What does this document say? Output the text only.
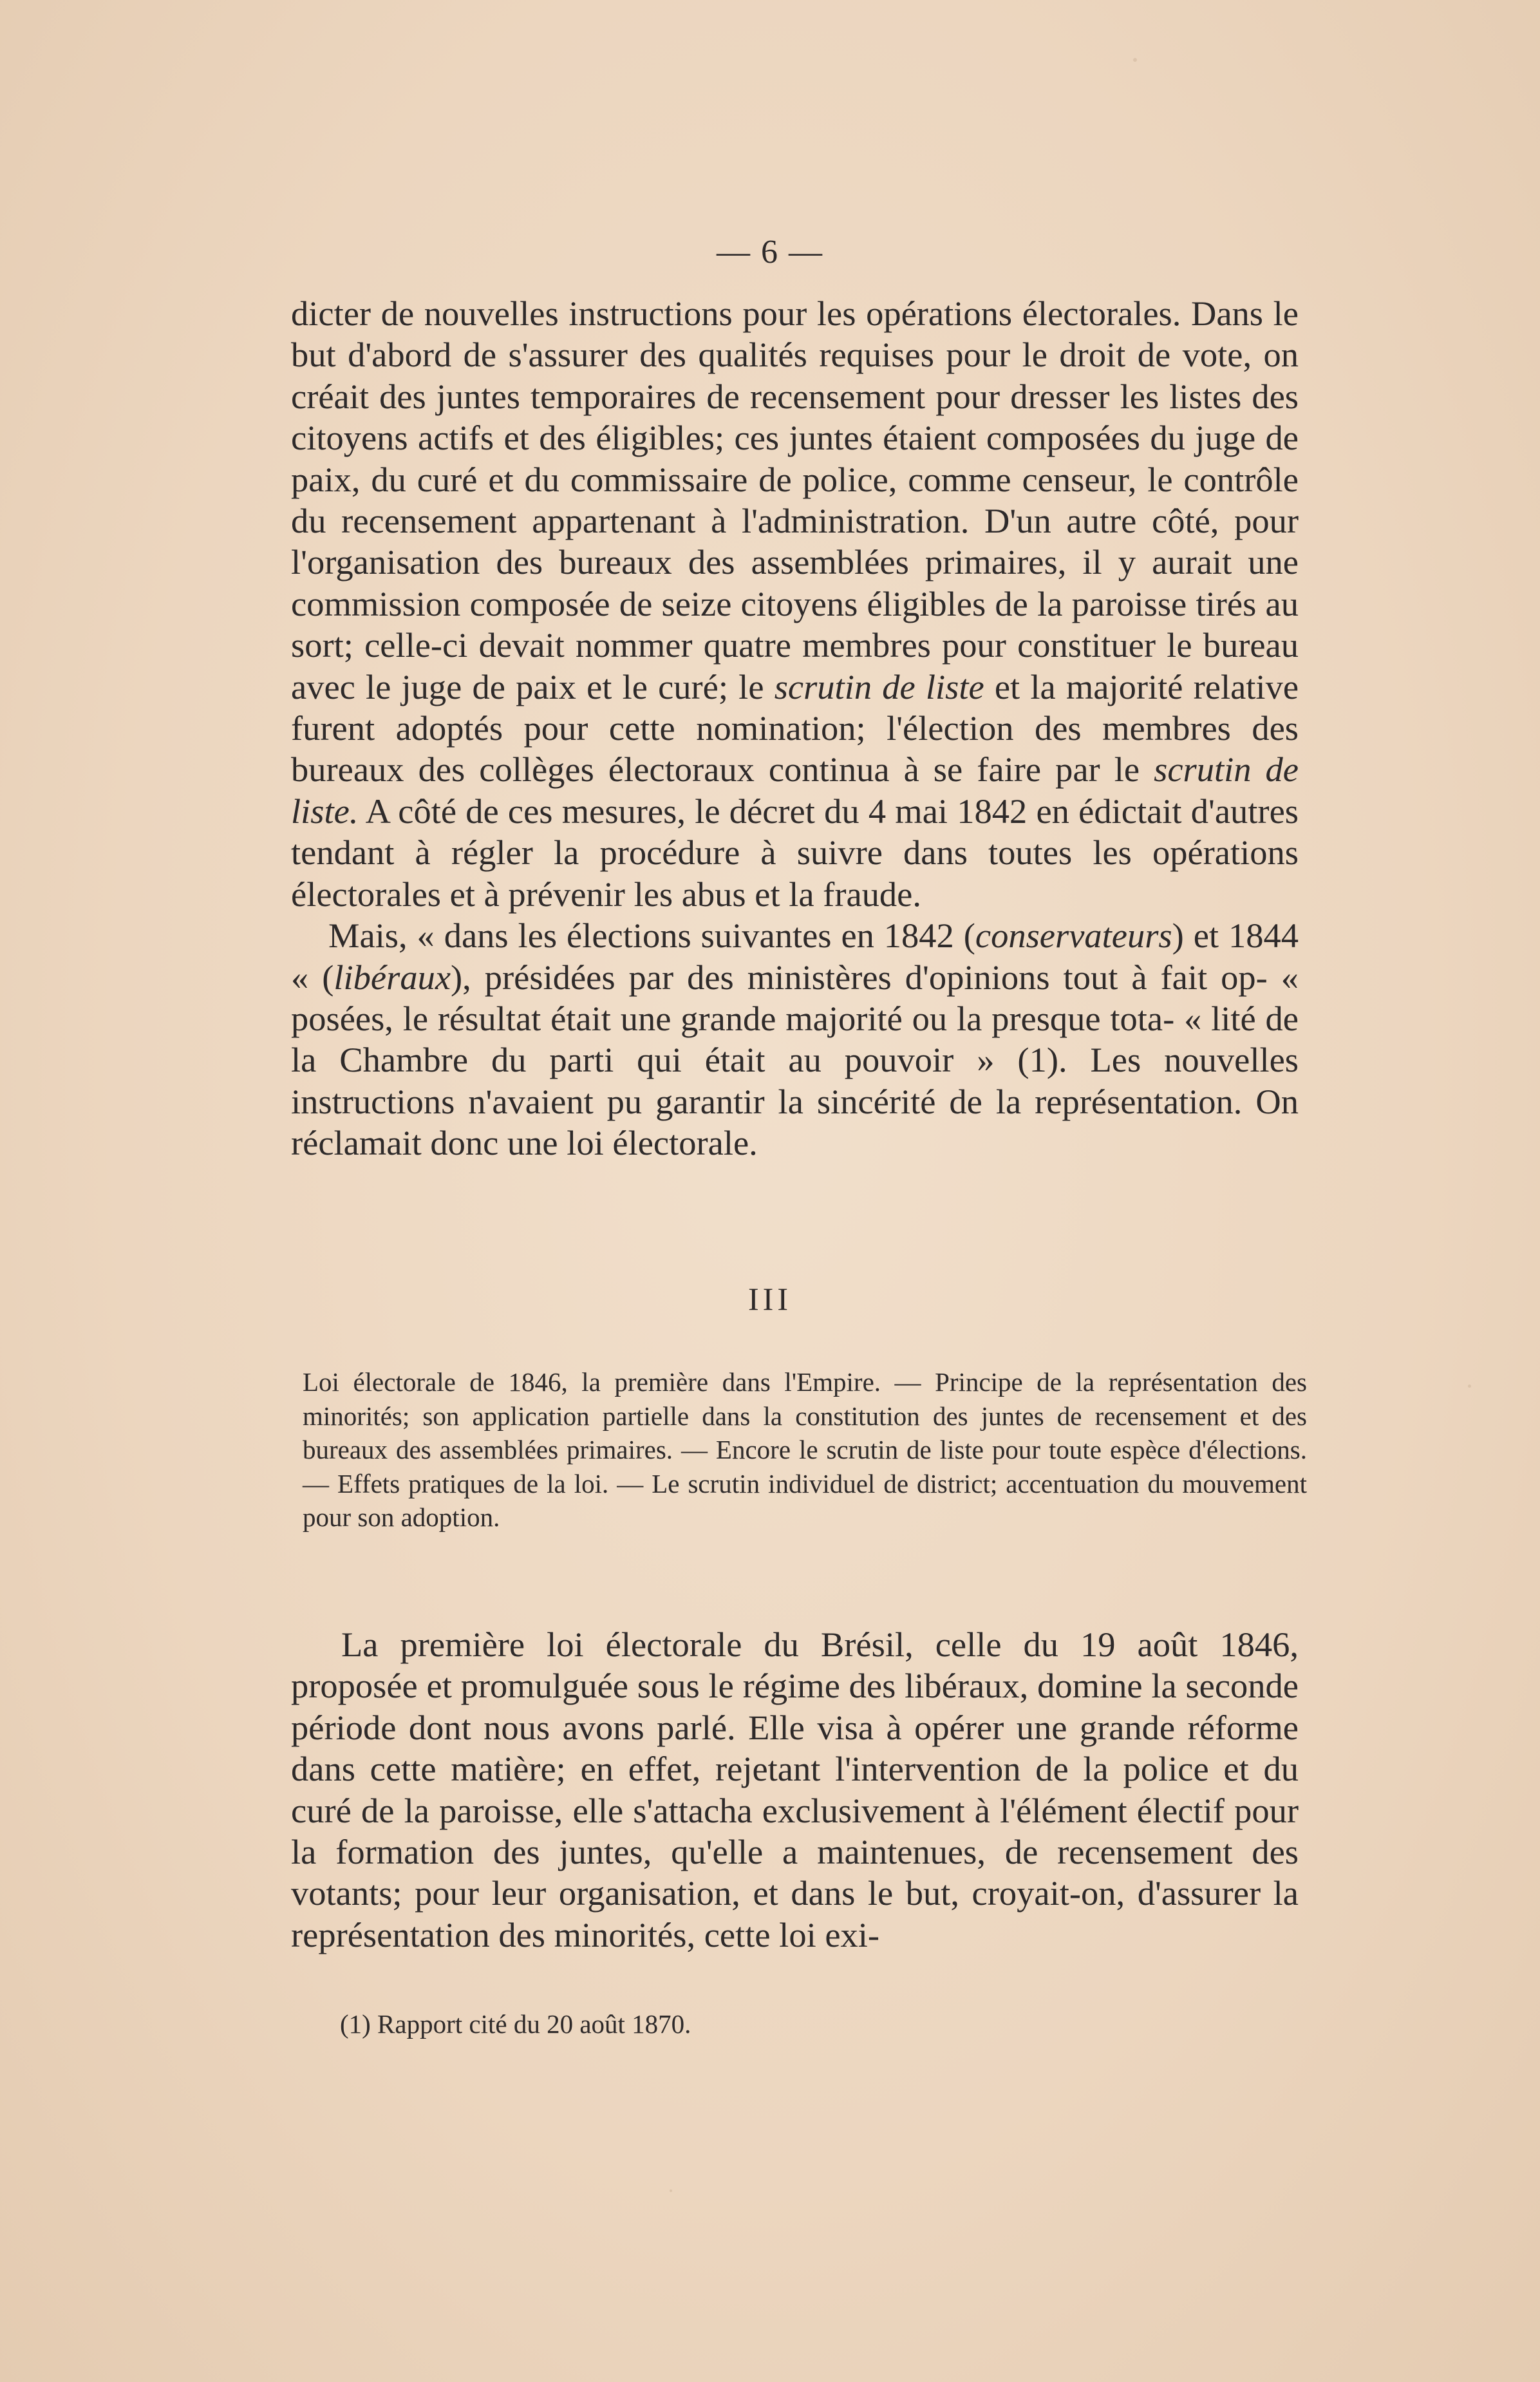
— 6 —

dicter de nouvelles instructions pour les opérations électorales. Dans le but d'abord de s'assurer des qualités requises pour le droit de vote, on créait des juntes temporaires de recensement pour dresser les listes des citoyens actifs et des éligibles; ces juntes étaient composées du juge de paix, du curé et du commissaire de police, comme censeur, le contrôle du recensement appartenant à l'administration. D'un autre côté, pour l'organisation des bureaux des assemblées primaires, il y aurait une commission composée de seize citoyens éligibles de la paroisse tirés au sort; celle-ci devait nommer quatre membres pour constituer le bureau avec le juge de paix et le curé; le scrutin de liste et la majorité relative furent adoptés pour cette nomination; l'élection des membres des bureaux des collèges électoraux continua à se faire par le scrutin de liste. A côté de ces mesures, le décret du 4 mai 1842 en édictait d'autres tendant à régler la procédure à suivre dans toutes les opérations électorales et à prévenir les abus et la fraude.

Mais, « dans les élections suivantes en 1842 (conservateurs) et 1844 « (libéraux), présidées par des ministères d'opinions tout à fait op- « posées, le résultat était une grande majorité ou la presque tota- « lité de la Chambre du parti qui était au pouvoir » (1). Les nouvelles instructions n'avaient pu garantir la sincérité de la représentation. On réclamait donc une loi électorale.

III

Loi électorale de 1846, la première dans l'Empire. — Principe de la représentation des minorités; son application partielle dans la constitution des juntes de recensement et des bureaux des assemblées primaires. — Encore le scrutin de liste pour toute espèce d'élections. — Effets pratiques de la loi. — Le scrutin individuel de district; accentuation du mouvement pour son adoption.

La première loi électorale du Brésil, celle du 19 août 1846, proposée et promulguée sous le régime des libéraux, domine la seconde période dont nous avons parlé. Elle visa à opérer une grande réforme dans cette matière; en effet, rejetant l'intervention de la police et du curé de la paroisse, elle s'attacha exclusivement à l'élément électif pour la formation des juntes, qu'elle a maintenues, de recensement des votants; pour leur organisation, et dans le but, croyait-on, d'assurer la représentation des minorités, cette loi exi-

(1) Rapport cité du 20 août 1870.
